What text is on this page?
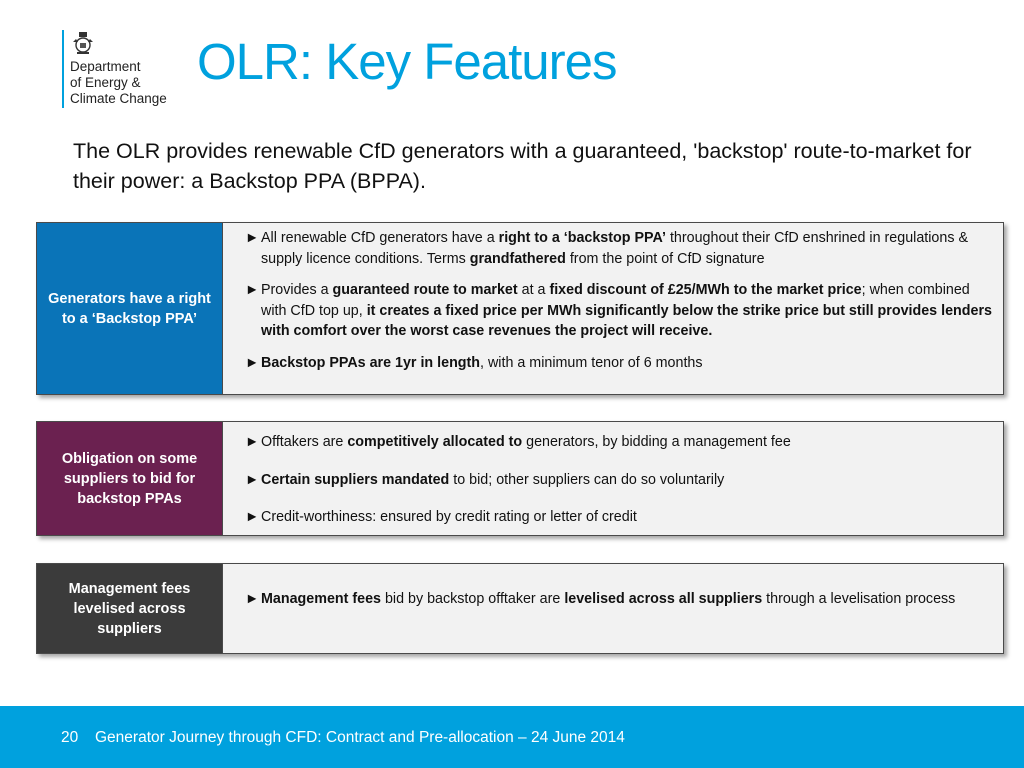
Department
of Energy &
Climate Change
OLR: Key Features
The OLR provides renewable CfD generators with a guaranteed, 'backstop' route-to-market for their power: a Backstop PPA (BPPA).
Generators have a right to a ‘Backstop PPA’
► All renewable CfD generators have a right to a ‘backstop PPA’ throughout their CfD enshrined in regulations & supply licence conditions. Terms grandfathered from the point of CfD signature
► Provides a guaranteed route to market at a fixed discount of £25/MWh to the market price; when combined with CfD top up, it creates a fixed price per MWh significantly below the strike price but still provides lenders with comfort over the worst case revenues the project will receive.
► Backstop PPAs are 1yr in length, with a minimum tenor of 6 months
Obligation on some suppliers to bid for backstop PPAs
► Offtakers are competitively allocated to generators, by bidding a management fee
► Certain suppliers mandated to bid; other suppliers can do so voluntarily
► Credit-worthiness: ensured by credit rating or letter of credit
Management fees levelised across suppliers
► Management fees bid by backstop offtaker are levelised across all suppliers through a levelisation process
20 Generator Journey through CFD: Contract and Pre-allocation – 24 June 2014
